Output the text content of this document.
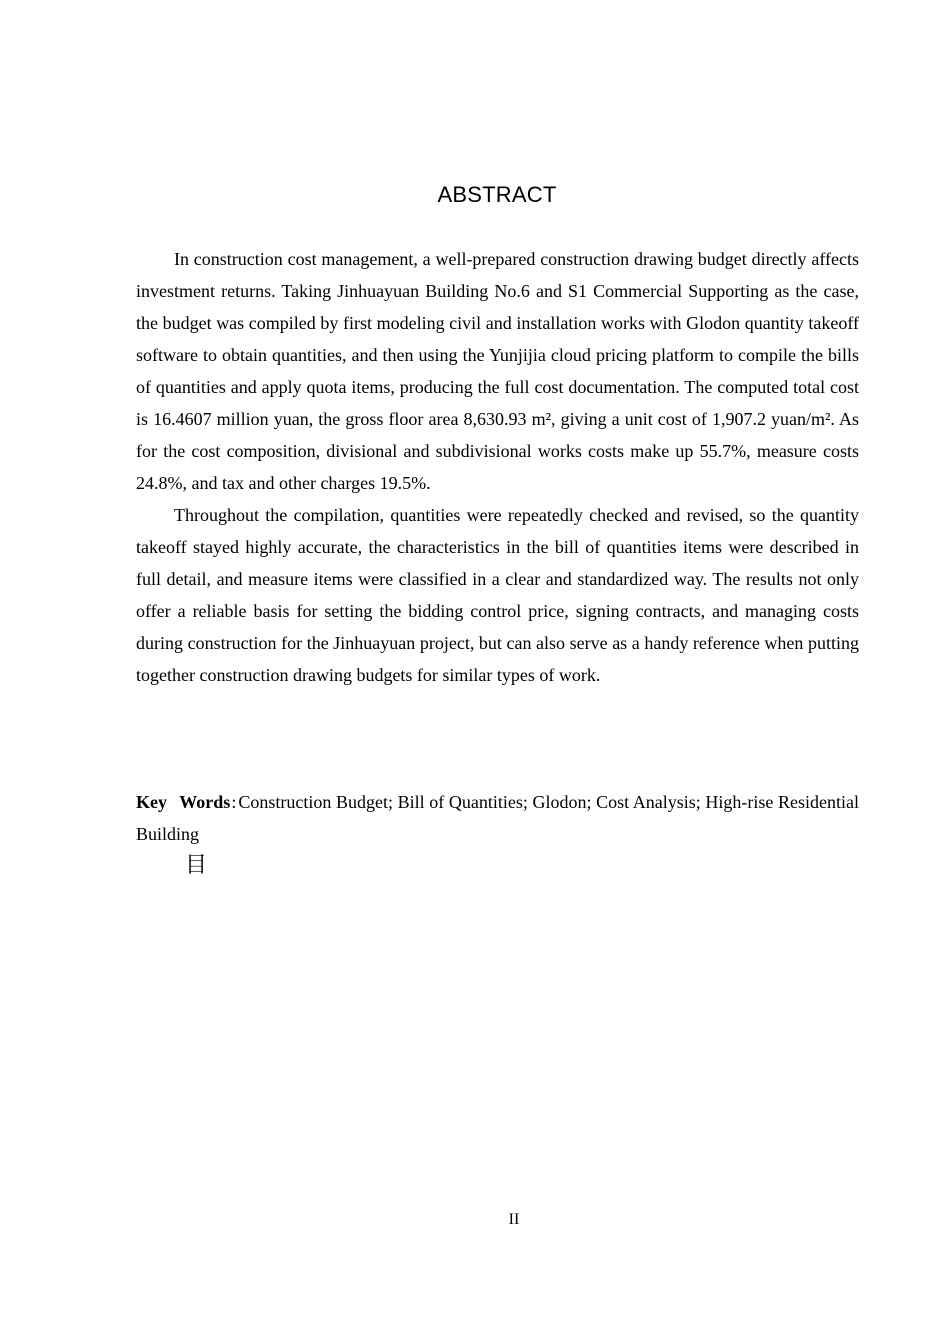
ABSTRACT

In construction cost management, a well-prepared construction drawing budget directly affects investment returns. Taking Jinhuayuan Building No.6 and S1 Commercial Supporting as the case, the budget was compiled by first modeling civil and installation works with Glodon quantity takeoff software to obtain quantities, and then using the Yunjijia cloud pricing platform to compile the bills of quantities and apply quota items, producing the full cost documentation. The computed total cost is 16.4607 million yuan, the gross floor area 8,630.93 m², giving a unit cost of 1,907.2 yuan/m². As for the cost composition, divisional and subdivisional works costs make up 55.7%, measure costs 24.8%, and tax and other charges 19.5%.

Throughout the compilation, quantities were repeatedly checked and revised, so the quantity takeoff stayed highly accurate, the characteristics in the bill of quantities items were described in full detail, and measure items were classified in a clear and standardized way. The results not only offer a reliable basis for setting the bidding control price, signing contracts, and managing costs during construction for the Jinhuayuan project, but can also serve as a handy reference when putting together construction drawing budgets for similar types of work.

Key Words: Construction Budget; Bill of Quantities; Glodon; Cost Analysis; High-rise Residential Building

目
II
